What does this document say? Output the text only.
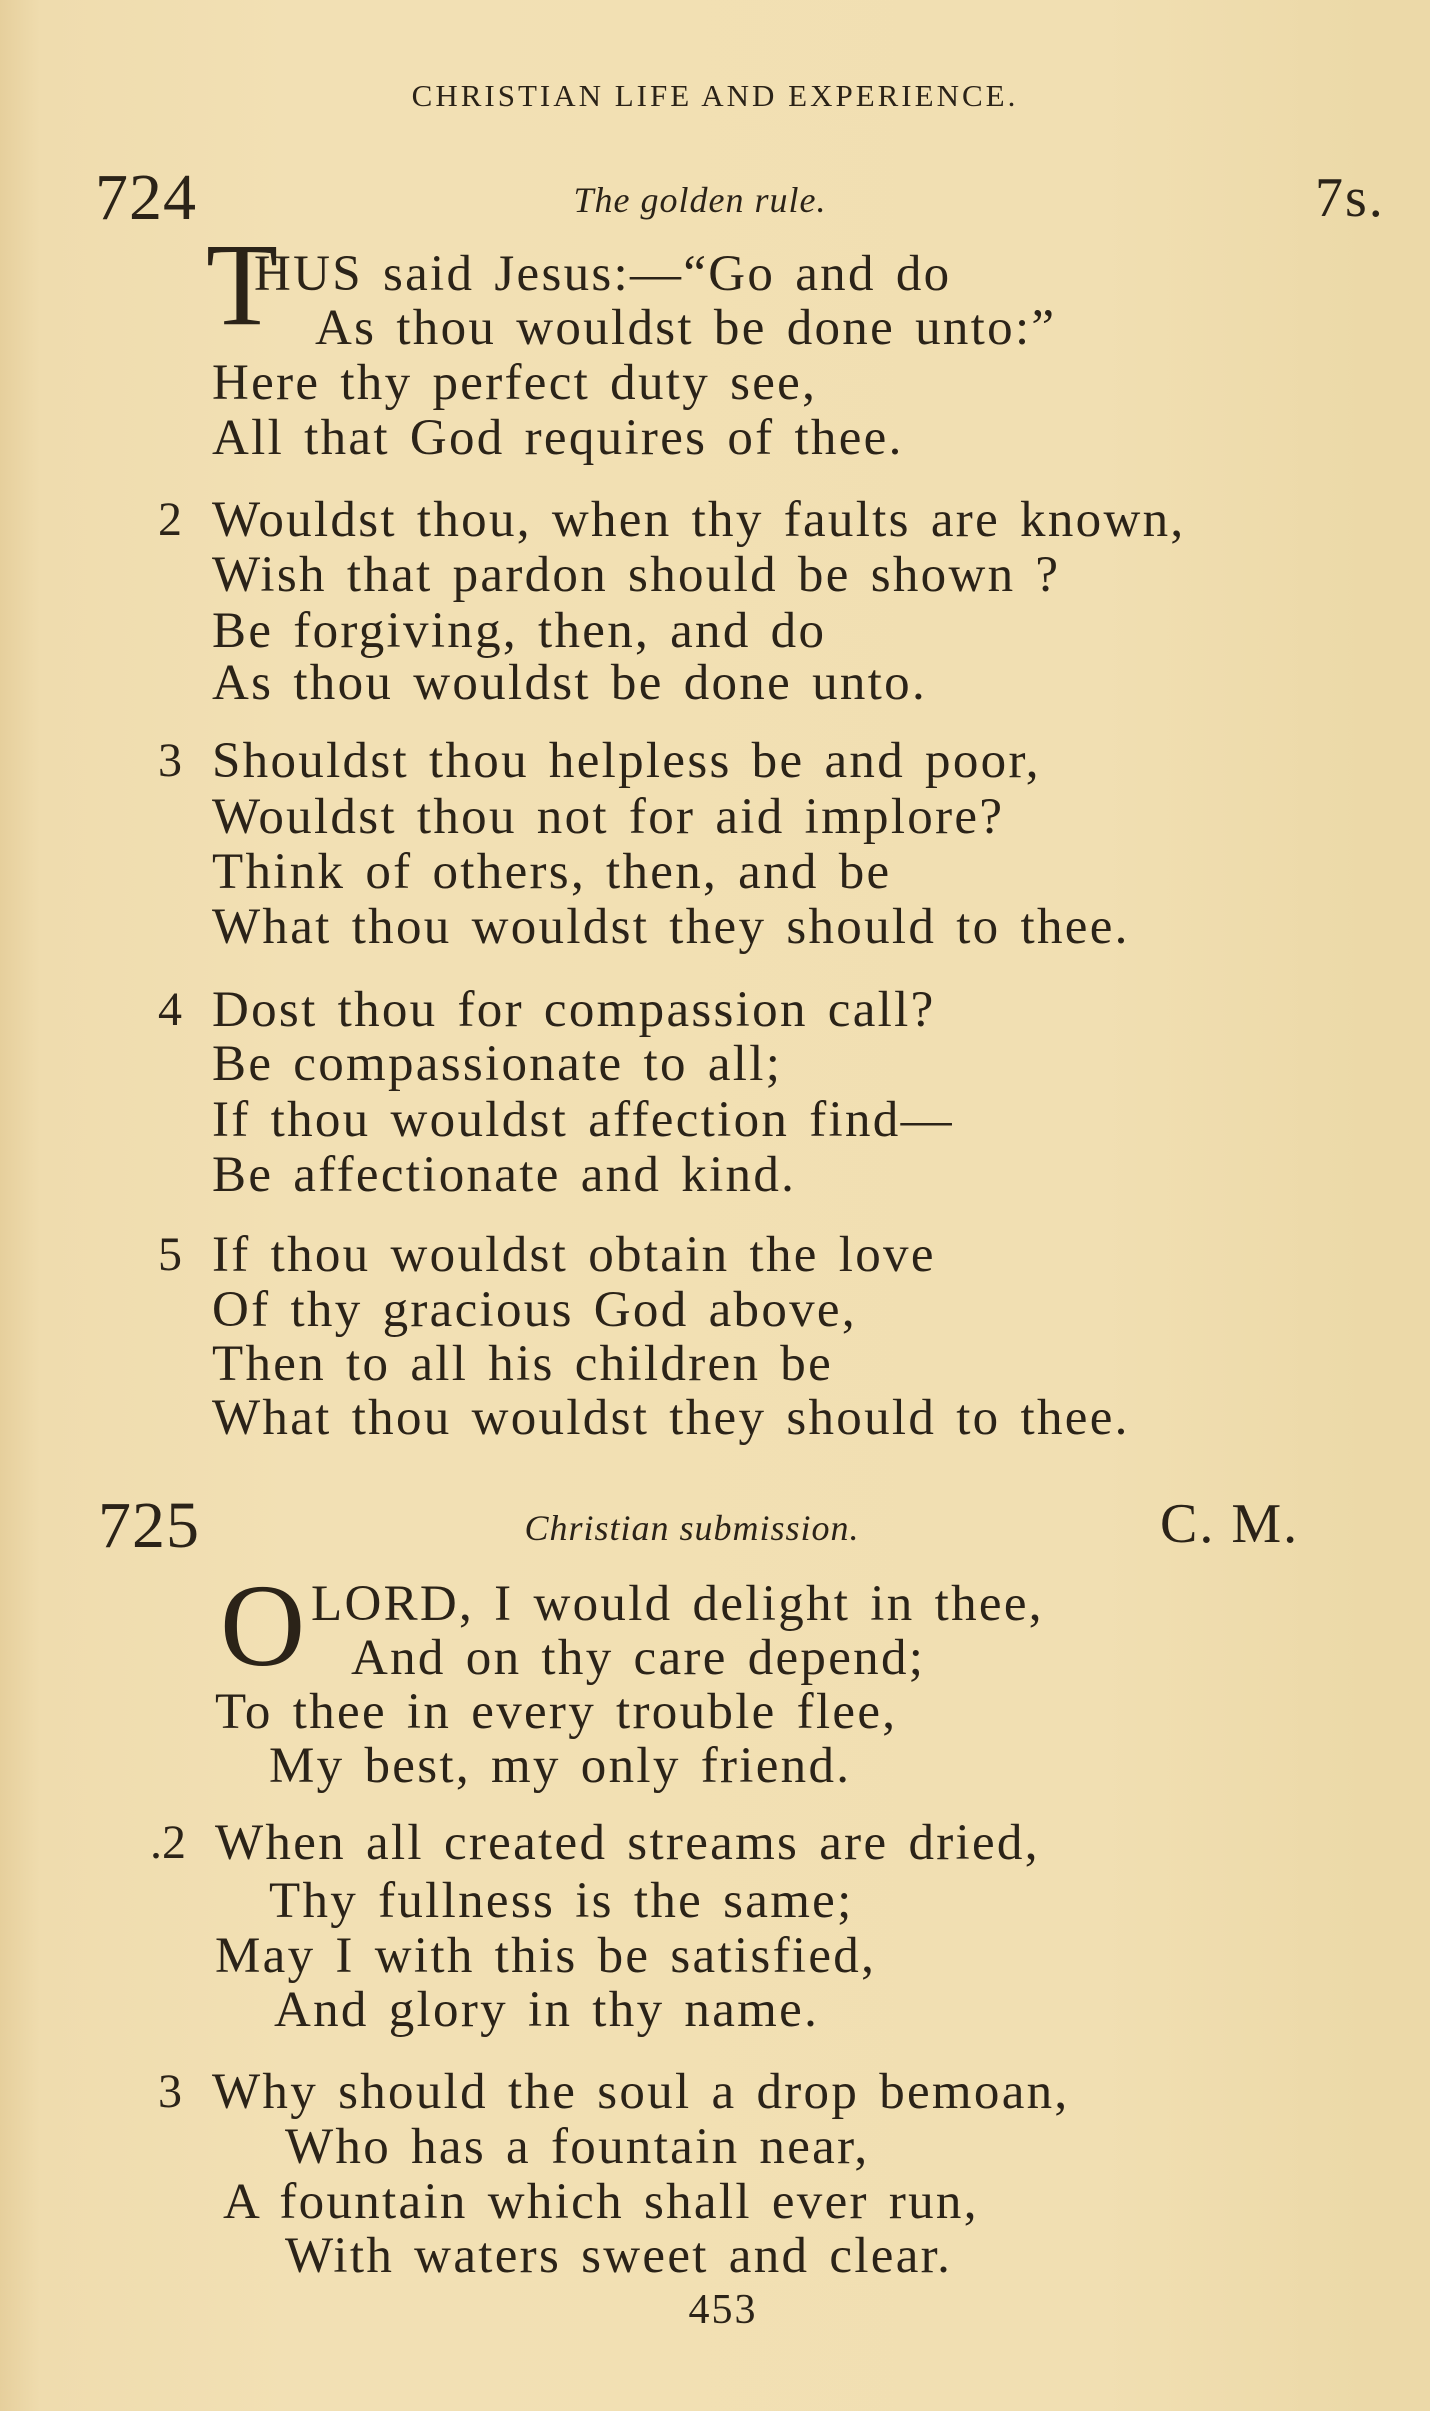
CHRISTIAN LIFE AND EXPERIENCE.
724	The golden rule.	7s.
T
HUS said Jesus:—“Go and do
As thou wouldst be done unto:”
Here thy perfect duty see,
All that God requires of thee.
2 Wouldst thou, when thy faults are known,
Wish that pardon should be shown ?
Be forgiving, then, and do
As thou wouldst be done unto.
3 Shouldst thou helpless be and poor,
Wouldst thou not for aid implore?
Think of others, then, and be
What thou wouldst they should to thee.
4 Dost thou for compassion call?
Be compassionate to all;
If thou wouldst affection find—
Be affectionate and kind.
5 If thou wouldst obtain the love
Of thy gracious God above,
Then to all his children be
What thou wouldst they should to thee.
725	Christian submission.	C. M.
O LORD, I would delight in thee,
And on thy care depend;
To thee in every trouble flee,
My best, my only friend.
.2 When all created streams are dried,
Thy fullness is the same;
May I with this be satisfied,
And glory in thy name.
3 Why should the soul a drop bemoan,
Who has a fountain near,
A fountain which shall ever run,
With waters sweet and clear.
453
